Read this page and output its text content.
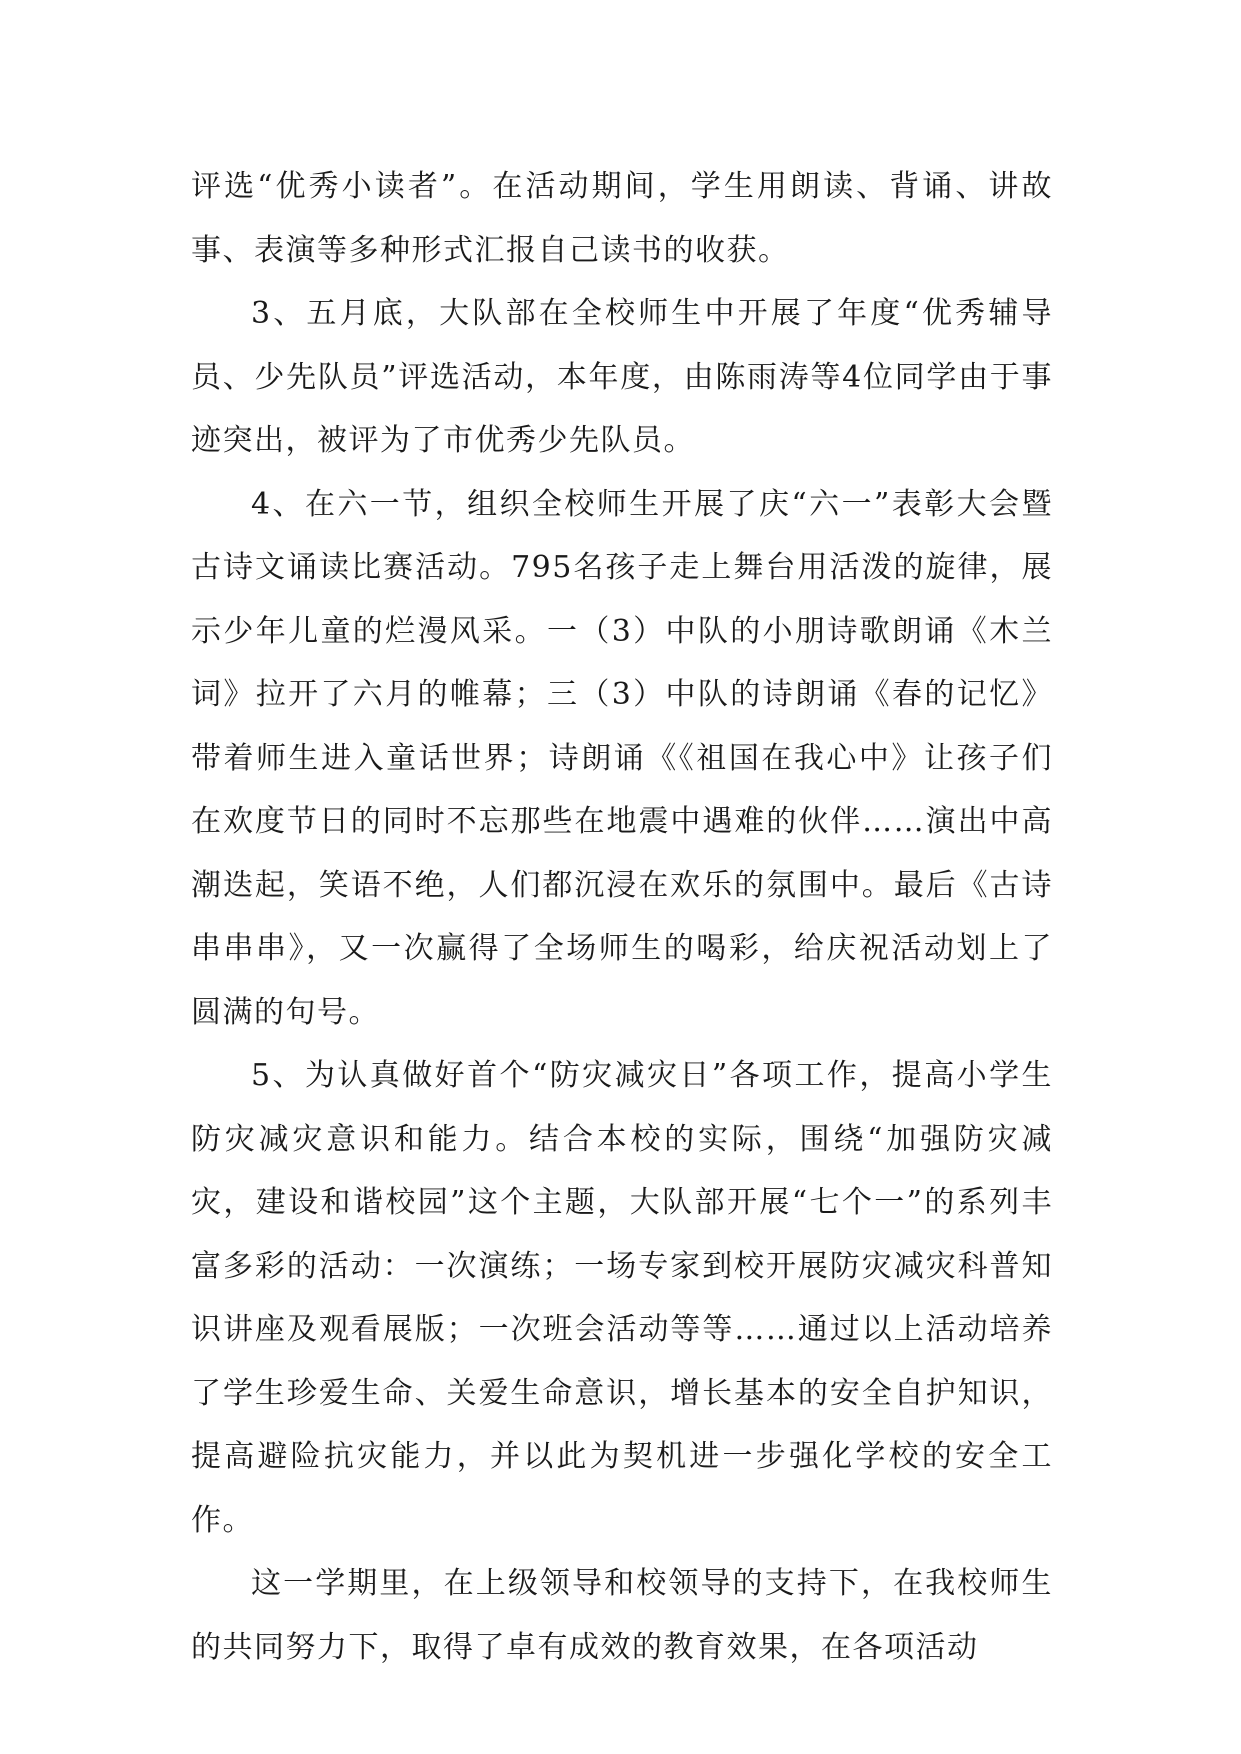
评选“优秀小读者”。在活动期间，学生用朗读、背诵、讲故事、表演等多种形式汇报自己读书的收获。

3、五月底，大队部在全校师生中开展了年度“优秀辅导员、少先队员”评选活动，本年度，由陈雨涛等4位同学由于事迹突出，被评为了市优秀少先队员。

4、在六一节，组织全校师生开展了庆“六一”表彰大会暨古诗文诵读比赛活动。795名孩子走上舞台用活泼的旋律，展示少年儿童的烂漫风采。一（3）中队的小朋诗歌朗诵《木兰词》拉开了六月的帷幕；三（3）中队的诗朗诵《春的记忆》带着师生进入童话世界；诗朗诵《《祖国在我心中》让孩子们在欢度节日的同时不忘那些在地震中遇难的伙伴……演出中高潮迭起，笑语不绝，人们都沉浸在欢乐的氛围中。最后《古诗串串串》，又一次赢得了全场师生的喝彩，给庆祝活动划上了圆满的句号。

5、为认真做好首个“防灾减灾日”各项工作，提高小学生防灾减灾意识和能力。结合本校的实际，围绕“加强防灾减灾，建设和谐校园”这个主题，大队部开展“七个一”的系列丰富多彩的活动：一次演练；一场专家到校开展防灾减灾科普知识讲座及观看展版；一次班会活动等等……通过以上活动培养了学生珍爱生命、关爱生命意识，增长基本的安全自护知识，提高避险抗灾能力，并以此为契机进一步强化学校的安全工作。

这一学期里，在上级领导和校领导的支持下，在我校师生的共同努力下，取得了卓有成效的教育效果，在各项活动
